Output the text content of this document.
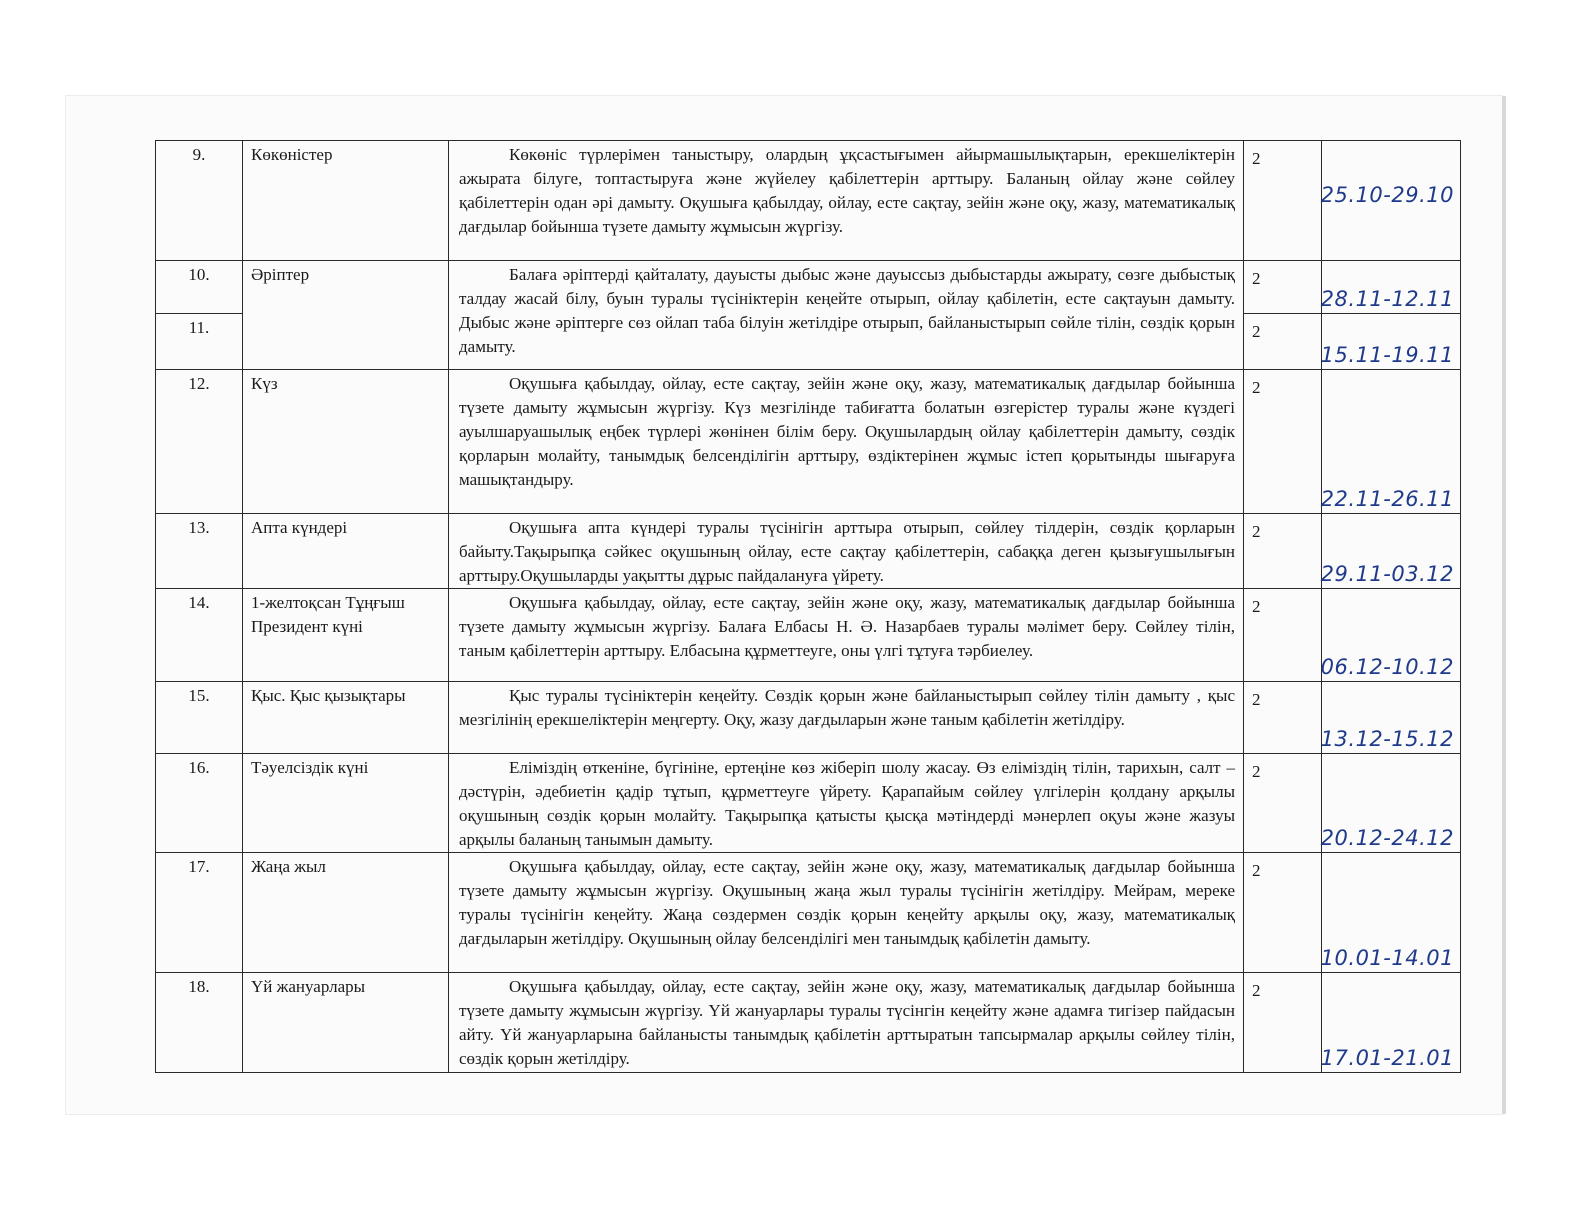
9.	Көкөністер	Көкөніс түрлерімен таныстыру, олардың ұқсастығымен айырмашылықтарын, ерекшеліктерін ажырата білуге, топтастыруға және жүйелеу қабілеттерін арттыру. Баланың ойлау және сөйлеу қабілеттерін одан әрі дамыту. Оқушыға қабылдау, ойлау, есте сақтау, зейін және оқу, жазу, математикалық дағдылар бойынша түзете дамыту жұмысын жүргізу.	2	25.10-29.10

10.	Әріптер	Балаға әріптерді қайталату, дауысты дыбыс және дауыссыз дыбыстарды ажырату, сөзге дыбыстық талдау жасай білу, буын туралы түсініктерін кеңейте отырып, ойлау қабілетін, есте сақтауын дамыту. Дыбыс және әріптерге сөз ойлап таба білуін жетілдіре отырып, байланыстырып сөйле тілін, сөздік қорын дамыту.	2	28.11-12.11

11.			2	15.11-19.11

12.	Күз	Оқушыға қабылдау, ойлау, есте сақтау, зейін және оқу, жазу, математикалық дағдылар бойынша түзете дамыту жұмысын жүргізу. Күз мезгілінде табиғатта болатын өзгерістер туралы және күздегі ауылшаруашылық еңбек түрлері жөнінен білім беру. Оқушылардың ойлау қабілеттерін дамыту, сөздік қорларын молайту, танымдық белсенділігін арттыру, өздіктерінен жұмыс істеп қорытынды шығаруға машықтандыру.	2	22.11-26.11

13.	Апта күндері	Оқушыға апта күндері туралы түсінігін арттыра отырып, сөйлеу тілдерін, сөздік қорларын байыту.Тақырыпқа сәйкес оқушының ойлау, есте сақтау қабілеттерін, сабаққа деген қызығушылығын арттыру.Оқушыларды уақытты дұрыс пайдалануға үйрету.	2	29.11-03.12

14.	1-желтоқсан Тұңғыш Президент күні	Оқушыға қабылдау, ойлау, есте сақтау, зейін және оқу, жазу, математикалық дағдылар бойынша түзете дамыту жұмысын жүргізу. Балаға Елбасы Н. Ә. Назарбаев туралы мәлімет беру. Сөйлеу тілін, таным қабілеттерін арттыру. Елбасына құрметтеуге, оны үлгі тұтуға тәрбиелеу.	2	06.12-10.12

15.	Қыс. Қыс қызықтары	Қыс туралы түсініктерін кеңейту. Сөздік қорын және байланыстырып сөйлеу тілін дамыту , қыс мезгілінің ерекшеліктерін меңгерту. Оқу, жазу дағдыларын және таным қабілетін жетілдіру.	2	13.12-15.12

16.	Тәуелсіздік күні	Еліміздің өткеніне, бүгініне, ертеңіне көз жіберіп шолу жасау. Өз еліміздің тілін, тарихын, салт – дәстүрін, әдебиетін қадір тұтып, құрметтеуге үйрету. Қарапайым сөйлеу үлгілерін қолдану арқылы оқушының сөздік қорын молайту. Тақырыпқа қатысты қысқа мәтіндерді мәнерлеп оқуы және жазуы арқылы баланың танымын дамыту.	2	20.12-24.12

17.	Жаңа жыл	Оқушыға қабылдау, ойлау, есте сақтау, зейін және оқу, жазу, математикалық дағдылар бойынша түзете дамыту жұмысын жүргізу. Оқушының жаңа жыл туралы түсінігін жетілдіру. Мейрам, мереке туралы түсінігін кеңейту. Жаңа сөздермен сөздік қорын кеңейту арқылы оқу, жазу, математикалық дағдыларын жетілдіру. Оқушының ойлау белсенділігі мен танымдық қабілетін дамыту.	2	10.01-14.01

18.	Үй жануарлары	Оқушыға қабылдау, ойлау, есте сақтау, зейін және оқу, жазу, математикалық дағдылар бойынша түзете дамыту жұмысын жүргізу. Үй жануарлары туралы түсінгін кеңейту және адамға тигізер пайдасын айту. Үй жануарларына байланысты танымдық қабілетін арттыратын тапсырмалар арқылы сөйлеу тілін, сөздік қорын жетілдіру.	2	17.01-21.01
